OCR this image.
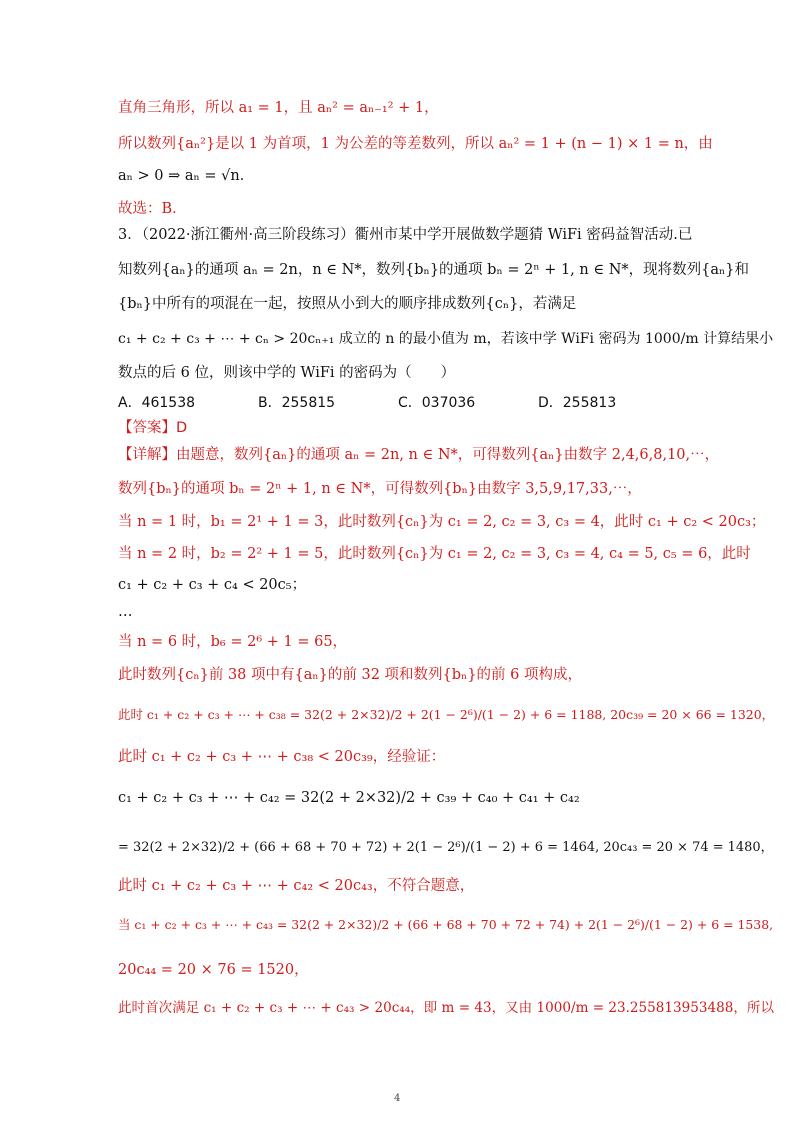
直角三角形，所以 a₁ = 1，且 aₙ² = aₙ₋₁² + 1，
所以数列{aₙ²}是以 1 为首项，1 为公差的等差数列，所以 aₙ² = 1 + (n − 1) × 1 = n，由
aₙ > 0 ⇒ aₙ = √n．
故选：B．
3．（2022·浙江衢州·高三阶段练习）衢州市某中学开展做数学题猜 WiFi 密码益智活动.已
知数列{aₙ}的通项 aₙ = 2n，n ∈ N*，数列{bₙ}的通项 bₙ = 2ⁿ + 1, n ∈ N*，现将数列{aₙ}和
{bₙ}中所有的项混在一起，按照从小到大的顺序排成数列{cₙ}，若满足
c₁ + c₂ + c₃ + ⋯ + cₙ > 20cₙ₊₁ 成立的 n 的最小值为 m，若该中学 WiFi 密码为 1000/m 计算结果小
数点的后 6 位，则该中学的 WiFi 的密码为（　　）
A．461538	B．255815	C．037036	D．255813
【答案】D
【详解】由题意，数列{aₙ}的通项 aₙ = 2n, n ∈ N*，可得数列{aₙ}由数字 2,4,6,8,10,⋯，
数列{bₙ}的通项 bₙ = 2ⁿ + 1, n ∈ N*，可得数列{bₙ}由数字 3,5,9,17,33,⋯，
当 n = 1 时，b₁ = 2¹ + 1 = 3，此时数列{cₙ}为 c₁ = 2, c₂ = 3, c₃ = 4，此时 c₁ + c₂ < 20c₃；
当 n = 2 时，b₂ = 2² + 1 = 5，此时数列{cₙ}为 c₁ = 2, c₂ = 3, c₃ = 4, c₄ = 5, c₅ = 6，此时
c₁ + c₂ + c₃ + c₄ < 20c₅；
…
当 n = 6 时，b₆ = 2⁶ + 1 = 65，
此时数列{cₙ}前 38 项中有{aₙ}的前 32 项和数列{bₙ}的前 6 项构成，
此时 c₁ + c₂ + c₃ + ⋯ + c₃₈ = 32(2 + 2×32)/2 + 2(1 − 2⁶)/(1 − 2) + 6 = 1188, 20c₃₉ = 20 × 66 = 1320，
此时 c₁ + c₂ + c₃ + ⋯ + c₃₈ < 20c₃₉，经验证：
c₁ + c₂ + c₃ + ⋯ + c₄₂ = 32(2 + 2×32)/2 + c₃₉ + c₄₀ + c₄₁ + c₄₂
= 32(2 + 2×32)/2 + (66 + 68 + 70 + 72) + 2(1 − 2⁶)/(1 − 2) + 6 = 1464, 20c₄₃ = 20 × 74 = 1480，
此时 c₁ + c₂ + c₃ + ⋯ + c₄₂ < 20c₄₃，不符合题意，
当 c₁ + c₂ + c₃ + ⋯ + c₄₃ = 32(2 + 2×32)/2 + (66 + 68 + 70 + 72 + 74) + 2(1 − 2⁶)/(1 − 2) + 6 = 1538,
20c₄₄ = 20 × 76 = 1520，
此时首次满足 c₁ + c₂ + c₃ + ⋯ + c₄₃ > 20c₄₄，即 m = 43，又由 1000/m = 23.255813953488，所以
4
